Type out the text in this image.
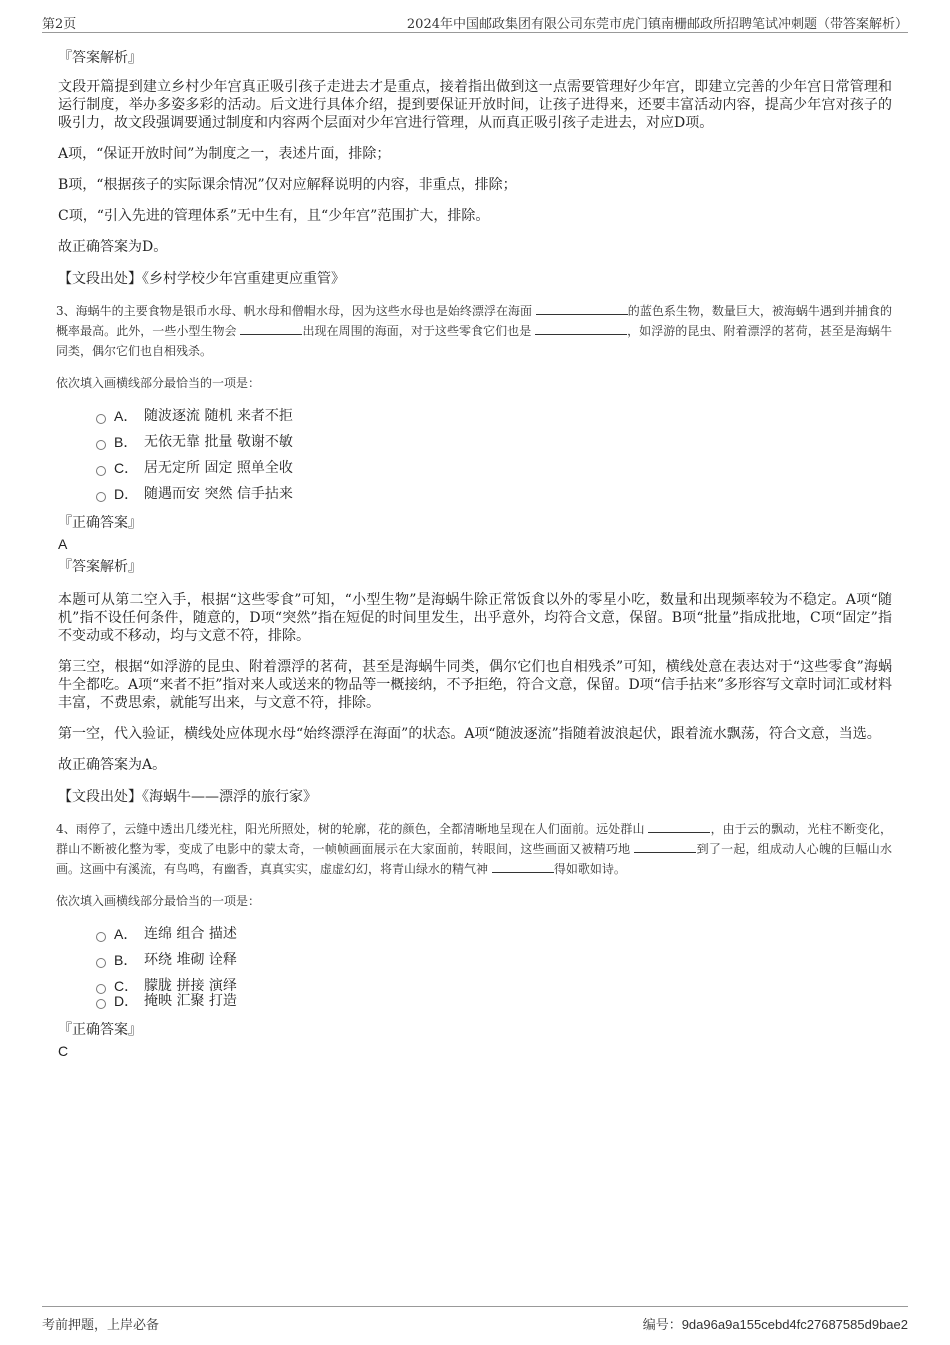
第2页	2024年中国邮政集团有限公司东莞市虎门镇南栅邮政所招聘笔试冲刺题（带答案解析）
『答案解析』

文段开篇提到建立乡村少年宫真正吸引孩子走进去才是重点，接着指出做到这一点需要管理好少年宫，即建立完善的少年宫日常管理和运行制度，举办多姿多彩的活动。后文进行具体介绍，提到要保证开放时间，让孩子进得来，还要丰富活动内容，提高少年宫对孩子的吸引力，故文段强调要通过制度和内容两个层面对少年宫进行管理，从而真正吸引孩子走进去，对应D项。

A项，“保证开放时间”为制度之一，表述片面，排除；

B项，“根据孩子的实际课余情况”仅对应解释说明的内容，非重点，排除；

C项，“引入先进的管理体系”无中生有，且“少年宫”范围扩大，排除。

故正确答案为D。

【文段出处】《乡村学校少年宫重建更应重管》

3、海蜗牛的主要食物是银币水母、帆水母和僧帽水母，因为这些水母也是始终漂浮在海面	的蓝色系生物，数量巨大，被海蜗牛遇到并捕食的概率最高。此外，一些小型生物会	出现在周围的海面，对于这些零食它们也是	，如浮游的昆虫、附着漂浮的茗荷，甚至是海蜗牛同类，偶尔它们也自相残杀。

依次填入画横线部分最恰当的一项是：

A． 随波逐流 随机 来者不拒
B． 无依无靠 批量 敬谢不敏
C． 居无定所 固定 照单全收
D． 随遇而安 突然 信手拈来
『正确答案』
A
『答案解析』

本题可从第二空入手，根据“这些零食”可知，“小型生物”是海蜗牛除正常饭食以外的零星小吃，数量和出现频率较为不稳定。A项“随机”指不设任何条件，随意的，D项“突然”指在短促的时间里发生，出乎意外，均符合文意，保留。B项“批量”指成批地，C项“固定”指不变动或不移动，均与文意不符，排除。

第三空，根据“如浮游的昆虫、附着漂浮的茗荷，甚至是海蜗牛同类，偶尔它们也自相残杀”可知，横线处意在表达对于“这些零食”海蜗牛全都吃。A项“来者不拒”指对来人或送来的物品等一概接纳，不予拒绝，符合文意，保留。D项“信手拈来”多形容写文章时词汇或材料丰富，不费思索，就能写出来，与文意不符，排除。

第一空，代入验证，横线处应体现水母“始终漂浮在海面”的状态。A项“随波逐流”指随着波浪起伏，跟着流水飘荡，符合文意，当选。

故正确答案为A。

【文段出处】《海蜗牛——漂浮的旅行家》

4、雨停了，云缝中透出几缕光柱，阳光所照处，树的轮廓，花的颜色，全都清晰地呈现在人们面前。远处群山	，由于云的飘动，光柱不断变化，群山不断被化整为零，变成了电影中的蒙太奇，一帧帧画面展示在大家面前，转眼间，这些画面又被精巧地	到了一起，组成动人心魄的巨幅山水画。这画中有溪流，有鸟鸣，有幽香，真真实实，虚虚幻幻，将青山绿水的精气神	得如歌如诗。

依次填入画横线部分最恰当的一项是：

A． 连绵 组合 描述
B． 环绕 堆砌 诠释
C． 朦胧 拼接 演绎
D． 掩映 汇聚 打造
『正确答案』
C
考前押题，上岸必备	编号：9da96a9a155cebd4fc27687585d9bae2
